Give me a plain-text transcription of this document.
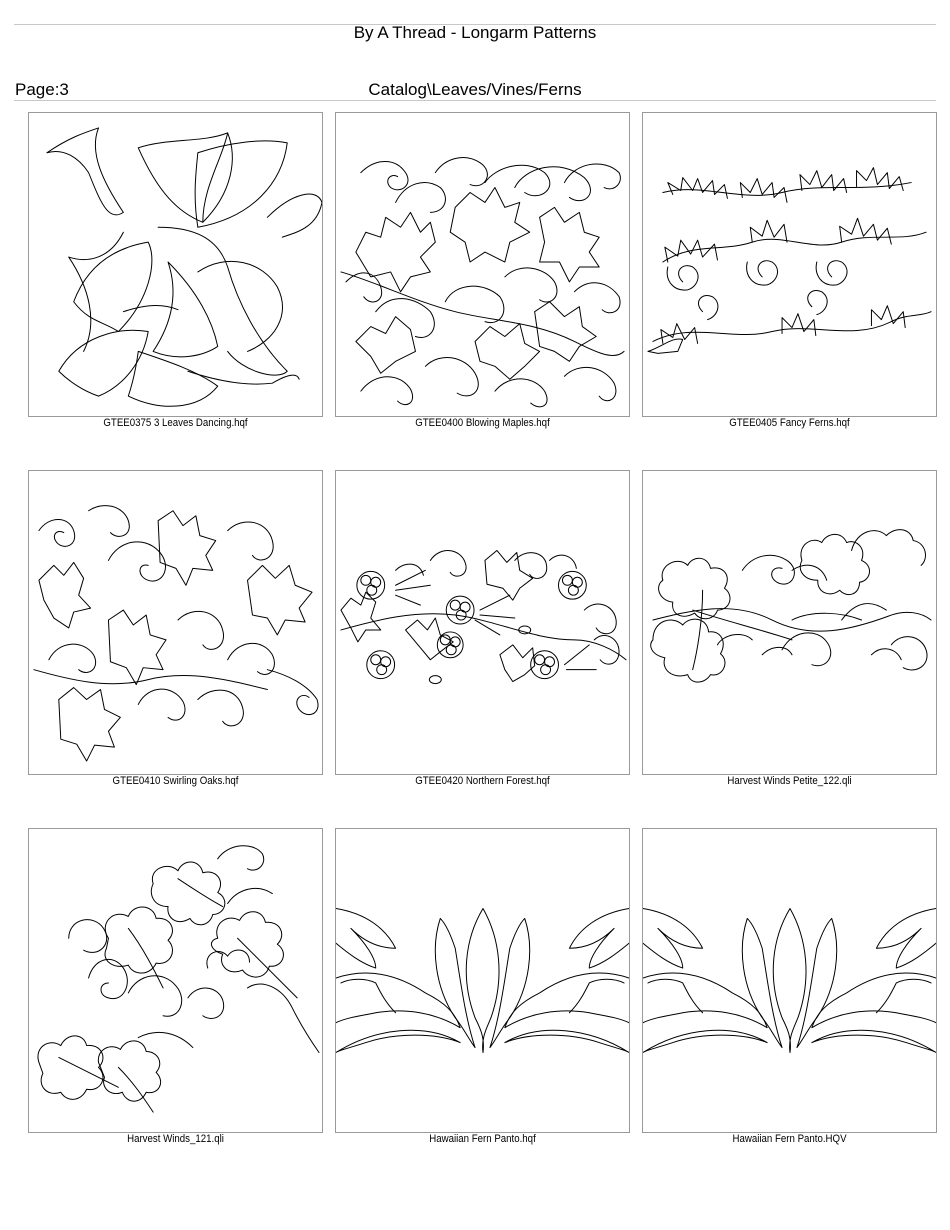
By A Thread - Longarm Patterns
Page:3	Catalog\Leaves/Vines/Ferns
GTEE0375 3 Leaves Dancing.hqf	GTEE0400 Blowing Maples.hqf	GTEE0405 Fancy Ferns.hqf
GTEE0410 Swirling Oaks.hqf	GTEE0420 Northern Forest.hqf	Harvest Winds Petite_122.qli
Harvest Winds_121.qli	Hawaiian Fern Panto.hqf	Hawaiian Fern Panto.HQV
